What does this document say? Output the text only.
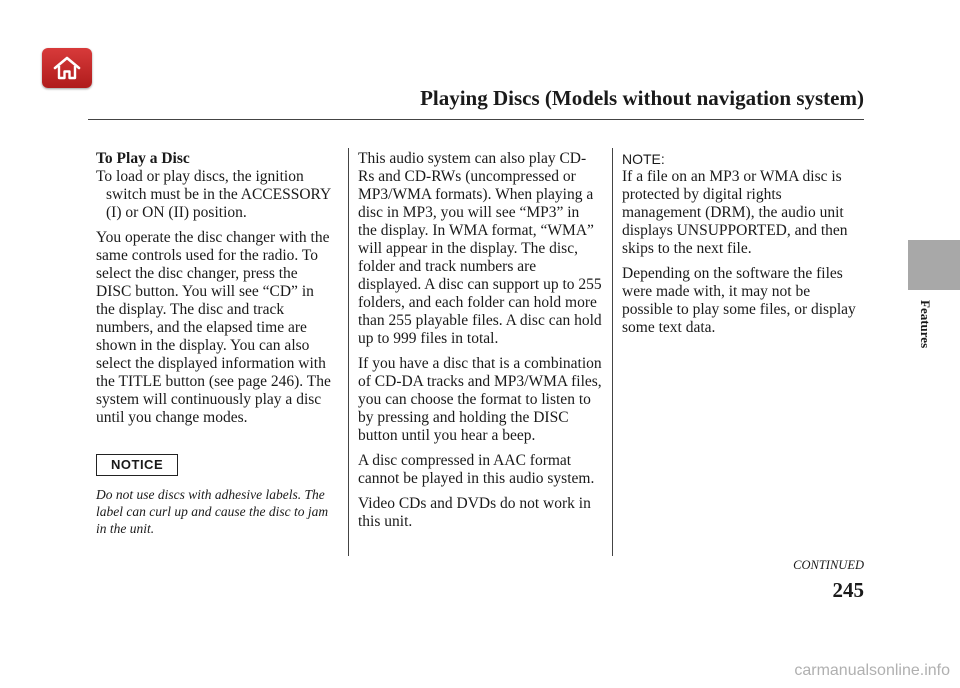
Playing Discs (Models without navigation system)
Features
To Play a Disc

To load or play discs, the ignition switch must be in the ACCESSORY (I) or ON (II) position.

You operate the disc changer with the same controls used for the radio. To select the disc changer, press the DISC button. You will see “CD” in the display. The disc and track numbers, and the elapsed time are shown in the display. You can also select the displayed information with the TITLE button (see page 246). The system will continuously play a disc until you change modes.

NOTICE

Do not use discs with adhesive labels. The label can curl up and cause the disc to jam in the unit.

This audio system can also play CD-Rs and CD-RWs (uncompressed or MP3/WMA formats). When playing a disc in MP3, you will see “MP3” in the display. In WMA format, “WMA” will appear in the display. The disc, folder and track numbers are displayed. A disc can support up to 255 folders, and each folder can hold more than 255 playable files. A disc can hold up to 999 files in total.

If you have a disc that is a combination of CD-DA tracks and MP3/WMA files, you can choose the format to listen to by pressing and holding the DISC button until you hear a beep.

A disc compressed in AAC format cannot be played in this audio system.

Video CDs and DVDs do not work in this unit.

NOTE:

If a file on an MP3 or WMA disc is protected by digital rights management (DRM), the audio unit displays UNSUPPORTED, and then skips to the next file.

Depending on the software the files were made with, it may not be possible to play some files, or display some text data.

CONTINUED
245
carmanualsonline.info
